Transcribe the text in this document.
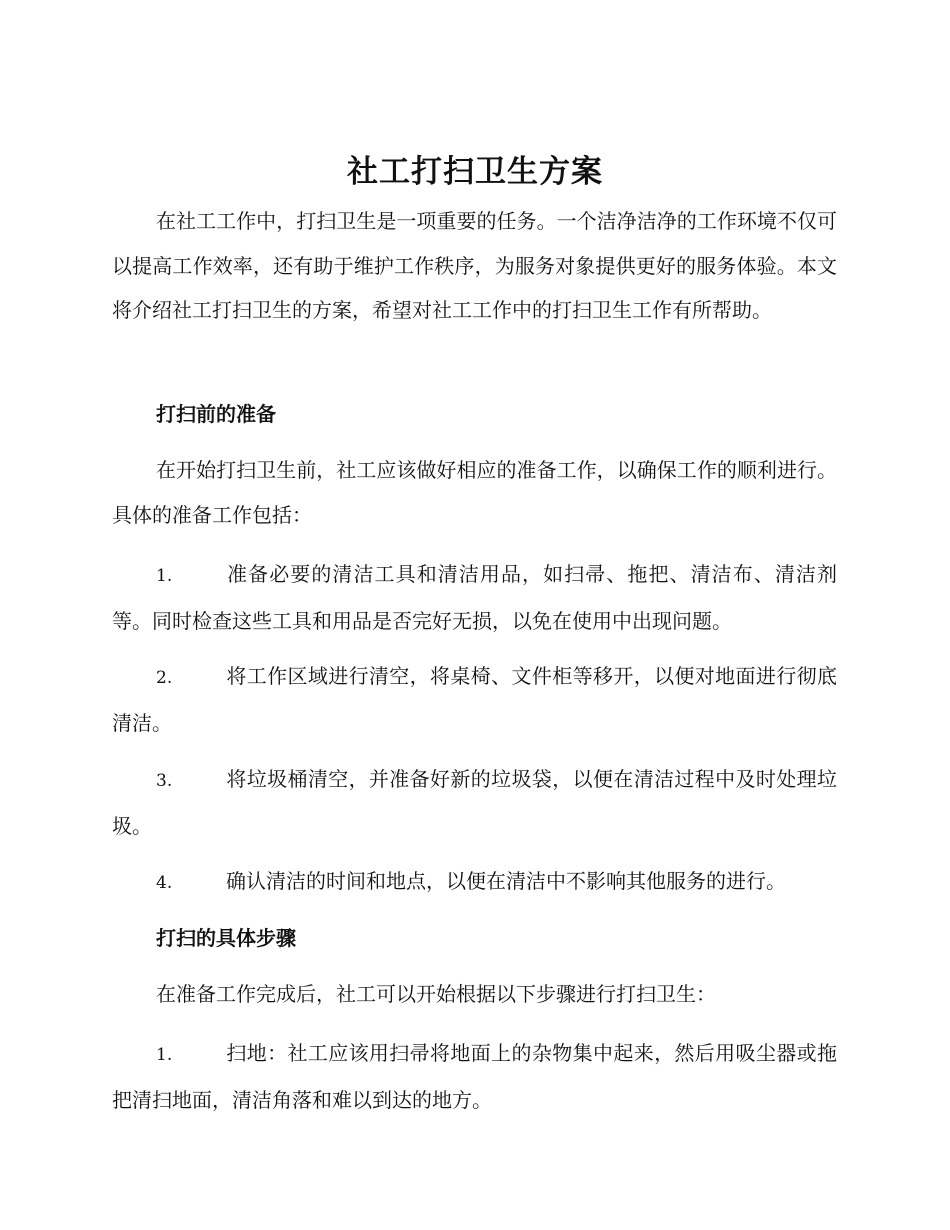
社工打扫卫生方案

在社工工作中，打扫卫生是一项重要的任务。一个洁净洁净的工作环境不仅可以提高工作效率，还有助于维护工作秩序，为服务对象提供更好的服务体验。本文将介绍社工打扫卫生的方案，希望对社工工作中的打扫卫生工作有所帮助。

打扫前的准备

在开始打扫卫生前，社工应该做好相应的准备工作，以确保工作的顺利进行。具体的准备工作包括：

1.	准备必要的清洁工具和清洁用品，如扫帚、拖把、清洁布、清洁剂等。同时检查这些工具和用品是否完好无损，以免在使用中出现问题。

2.	将工作区域进行清空，将桌椅、文件柜等移开，以便对地面进行彻底清洁。

3.	将垃圾桶清空，并准备好新的垃圾袋，以便在清洁过程中及时处理垃圾。

4.	确认清洁的时间和地点，以便在清洁中不影响其他服务的进行。

打扫的具体步骤

在准备工作完成后，社工可以开始根据以下步骤进行打扫卫生：

1.	扫地：社工应该用扫帚将地面上的杂物集中起来，然后用吸尘器或拖把清扫地面，清洁角落和难以到达的地方。
